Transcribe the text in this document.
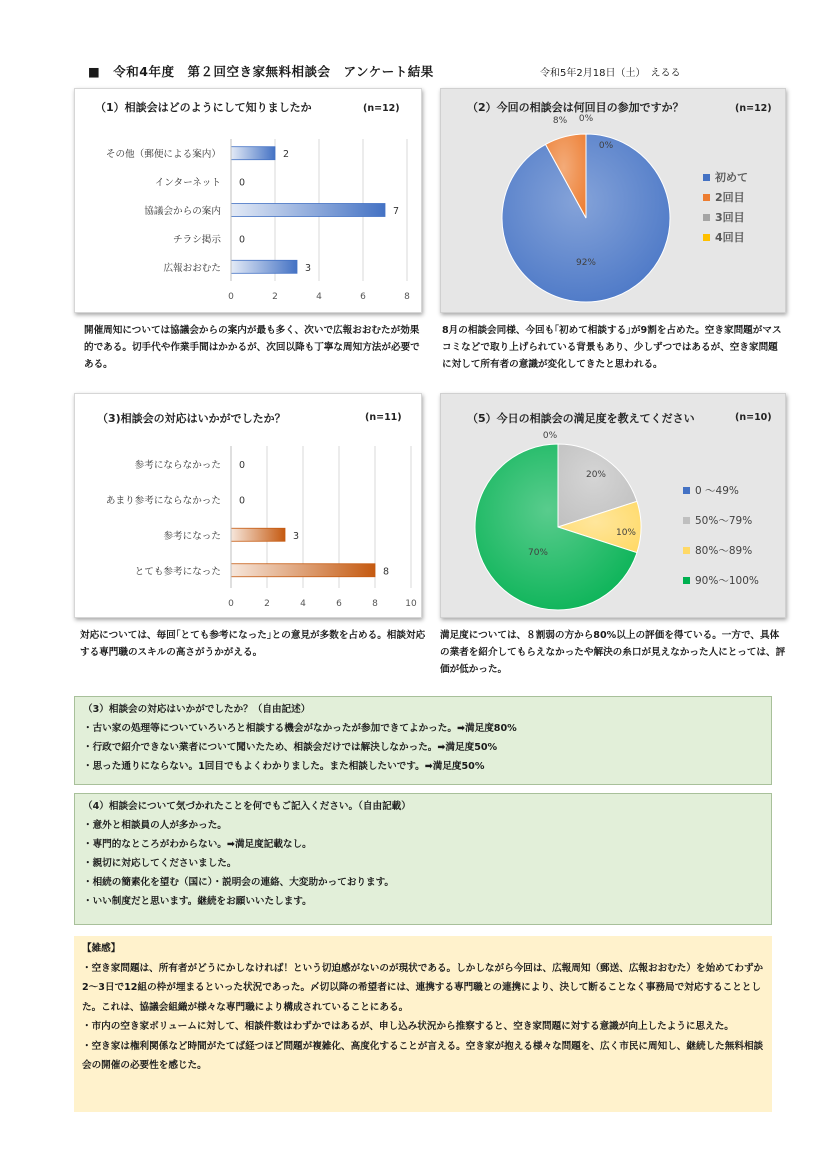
■　令和4年度　第２回空き家無料相談会　アンケート結果	令和5年2月18日（土）　えるる
（1）相談会はどのようにして知りましたか	(n=12)
0	2	4	6	8
その他（郵便による案内）	2
インターネット 0
協議会からの案内	7
チラシ掲示 0
広報おおむた	3
開催周知については協議会からの案内が最も多く、次いで広報おおむたが効果的である。切手代や作業手間はかかるが、次回以降も丁寧な周知方法が必要である。
（2）今回の相談会は何回目の参加ですか？	(n=12)
92%
8% 0%
0%
初めて
2回目
3回目
4回目
8月の相談会同様、今回も｢初めて相談する｣が9割を占めた。空き家問題がマスコミなどで取り上げられている背景もあり、少しずつではあるが、空き家問題に対して所有者の意識が変化してきたと思われる。
（3)相談会の対応はいかがでしたか？	(n=11)
0	2	4	6	8	10
参考にならなかった 0
あまり参考にならなかった 0
参考になった	3
とても参考になった	8
対応については、毎回｢とても参考になった｣との意見が多数を占める。相談対応する専門職のスキルの高さがうかがえる。
（5）今日の相談会の満足度を教えてください	(n=10)
0%
20%
10%
70%
0 ～49%
50%～79%
80%～89%
90%～100%
満足度については、８割弱の方から80%以上の評価を得ている。一方で、具体の業者を紹介してもらえなかったや解決の糸口が見えなかった人にとっては、評価が低かった。
（3）相談会の対応はいかがでしたか？（自由記述）
・古い家の処理等についていろいろと相談する機会がなかったが参加できてよかった。➡満足度80%
・行政で紹介できない業者について聞いたため、相談会だけでは解決しなかった。➡満足度50%
・思った通りにならない。1回目でもよくわかりました。また相談したいです。➡満足度50%
（4）相談会について気づかれたことを何でもご記入ください。（自由記載）
・意外と相談員の人が多かった。
・専門的なところがわからない。➡満足度記載なし。
・親切に対応してくださいました。
・相続の簡素化を望む（国に）・説明会の連絡、大変助かっております。
・いい制度だと思います。継続をお願いいたします。
【雑感】
・空き家問題は、所有者がどうにかしなければ！という切迫感がないのが現状である。しかしながら今回は、広報周知（郵送、広報おおむた）を始めてわずか2～3日で12組の枠が埋まるといった状況であった。〆切以降の希望者には、連携する専門職との連携により、決して断ることなく事務局で対応することとした。これは、協議会組織が様々な専門職により構成されていることにある。
・市内の空き家ボリュームに対して、相談件数はわずかではあるが、申し込み状況から推察すると、空き家問題に対する意識が向上したように思えた。
・空き家は権利関係など時間がたてば経つほど問題が複雑化、高度化することが言える。空き家が抱える様々な問題を、広く市民に周知し、継続した無料相談会の開催の必要性を感じた。
